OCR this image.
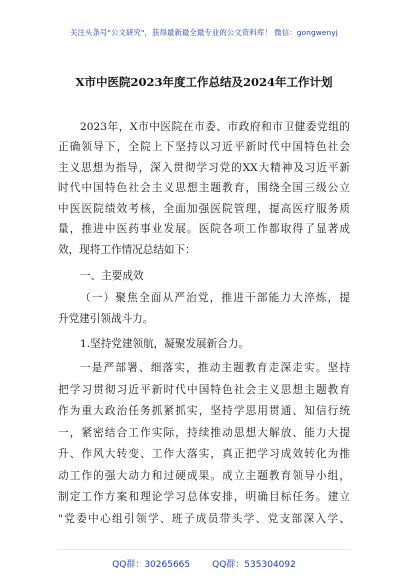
关注头条号"公文研究"，获得最新最全最专业的公文资料库！ 微信：gongwenyj
X市中医院2023年度工作总结及2024年工作计划
2023年，X市中医院在市委、市政府和市卫健委党组的
正确领导下，全院上下坚持以习近平新时代中国特色社会
主义思想为指导，深入贯彻学习党的XX大精神及习近平新
时代中国特色社会主义思想主题教育，围绕全国三级公立
中医医院绩效考核，全面加强医院管理，提高医疗服务质
量，推进中医药事业发展。医院各项工作都取得了显著成
效，现将工作情况总结如下：
一、主要成效
（一）聚焦全面从严治党，推进干部能力大淬炼，提
升党建引领战斗力。
1.坚持党建领航，凝聚发展新合力。
一是严部署、细落实，推动主题教育走深走实。坚持
把学习贯彻习近平新时代中国特色社会主义思想主题教育
作为重大政治任务抓紧抓实，坚持学思用贯通、知信行统
一，紧密结合工作实际，持续推动思想大解放、能力大提
升、作风大转变、工作大落实，真正把学习成效转化为推
动工作的强大动力和过硬成果。成立主题教育领导小组，
制定工作方案和理论学习总体安排，明确目标任务。建立
"党委中心组引领学、班子成员带头学、党支部深入学、
QQ群：30265665 QQ群：535304092
